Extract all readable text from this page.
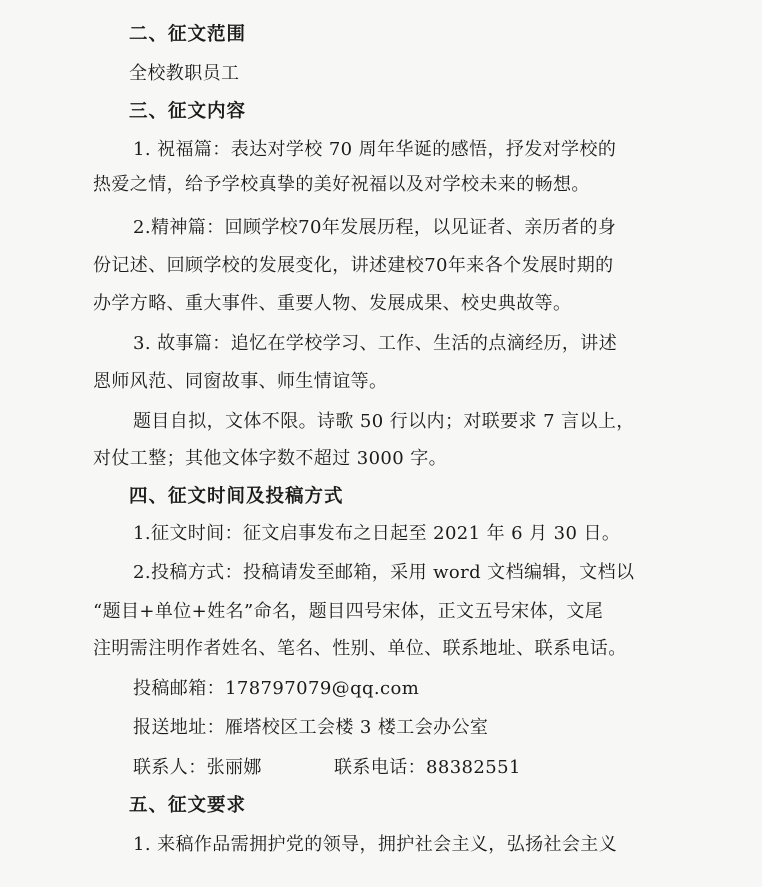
二、征文范围
全校教职员工
三、征文内容
1. 祝福篇：表达对学校 70 周年华诞的感悟，抒发对学校的
热爱之情，给予学校真挚的美好祝福以及对学校未来的畅想。
2.精神篇：回顾学校70年发展历程，以见证者、亲历者的身
份记述、回顾学校的发展变化，讲述建校70年来各个发展时期的
办学方略、重大事件、重要人物、发展成果、校史典故等。
3. 故事篇：追忆在学校学习、工作、生活的点滴经历，讲述
恩师风范、同窗故事、师生情谊等。
题目自拟，文体不限。诗歌 50 行以内；对联要求 7 言以上，
对仗工整；其他文体字数不超过 3000 字。
四、征文时间及投稿方式
1.征文时间：征文启事发布之日起至 2021 年 6 月 30 日。
2.投稿方式：投稿请发至邮箱，采用 word 文档编辑，文档以
“题目+单位+姓名”命名，题目四号宋体，正文五号宋体，文尾
注明需注明作者姓名、笔名、性别、单位、联系地址、联系电话。
投稿邮箱：178797079@qq.com
报送地址：雁塔校区工会楼 3 楼工会办公室
联系人：张丽娜	联系电话：88382551
五、征文要求
1. 来稿作品需拥护党的领导，拥护社会主义，弘扬社会主义
